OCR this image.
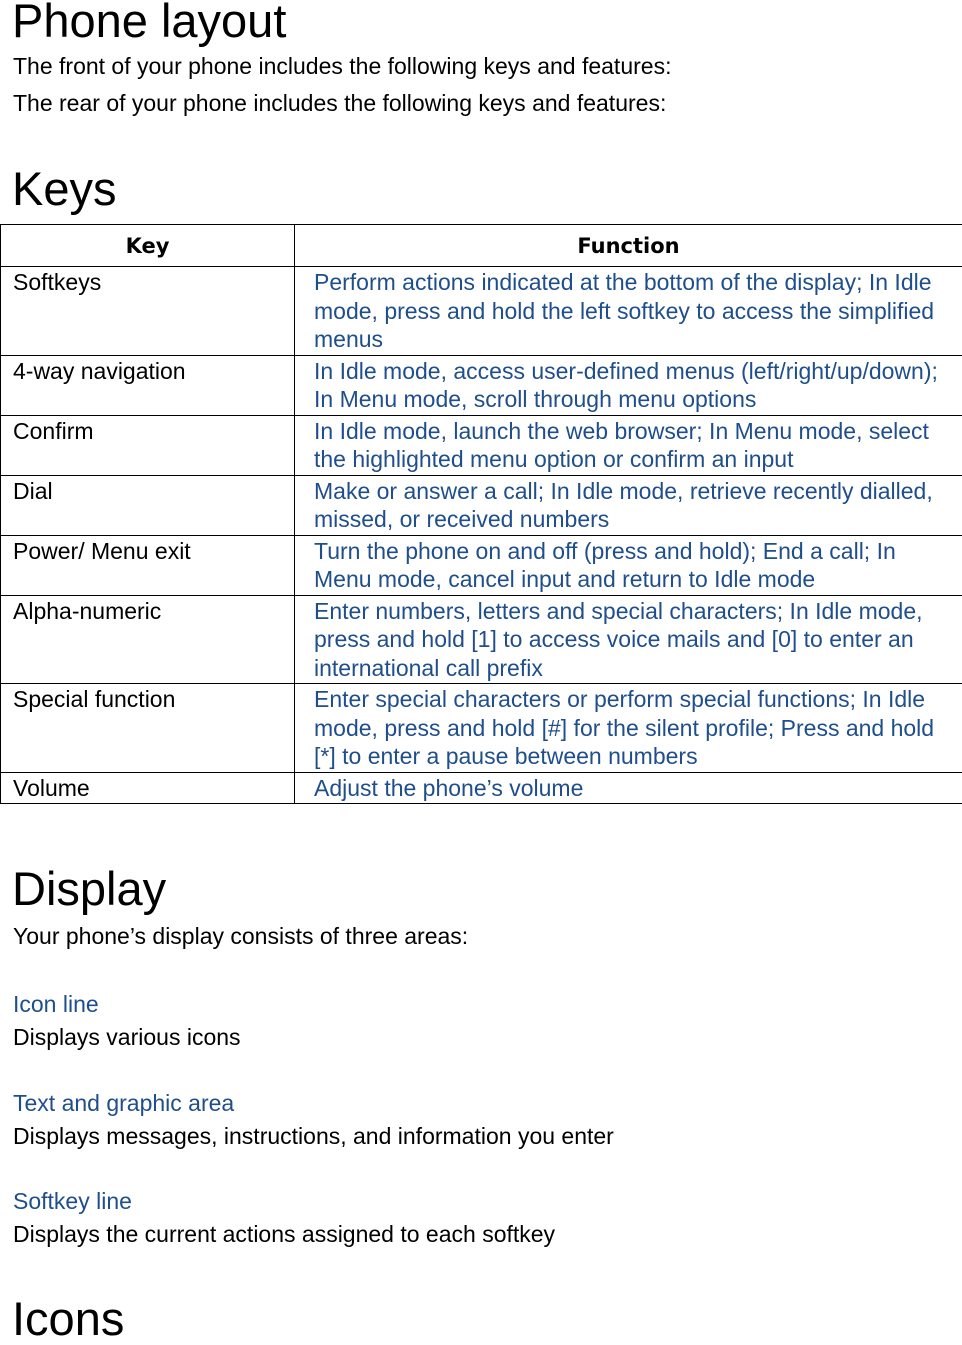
Phone layout

The front of your phone includes the following keys and features:

The rear of your phone includes the following keys and features:

Keys
Key	Function
Softkeys	Perform actions indicated at the bottom of the display; In Idle mode, press and hold the left softkey to access the simplified menus
4-way navigation	In Idle mode, access user-defined menus (left/right/up/down); In Menu mode, scroll through menu options
Confirm	In Idle mode, launch the web browser; In Menu mode, select the highlighted menu option or confirm an input
Dial	Make or answer a call; In Idle mode, retrieve recently dialled, missed, or received numbers
Power/ Menu exit	Turn the phone on and off (press and hold); End a call; In Menu mode, cancel input and return to Idle mode
Alpha-numeric	Enter numbers, letters and special characters; In Idle mode, press and hold [1] to access voice mails and [0] to enter an international call prefix
Special function	Enter special characters or perform special functions; In Idle mode, press and hold [#] for the silent profile; Press and hold [*] to enter a pause between numbers
Volume	Adjust the phone’s volume
Display

Your phone’s display consists of three areas:

Icon line

Displays various icons

Text and graphic area

Displays messages, instructions, and information you enter

Softkey line

Displays the current actions assigned to each softkey

Icons
